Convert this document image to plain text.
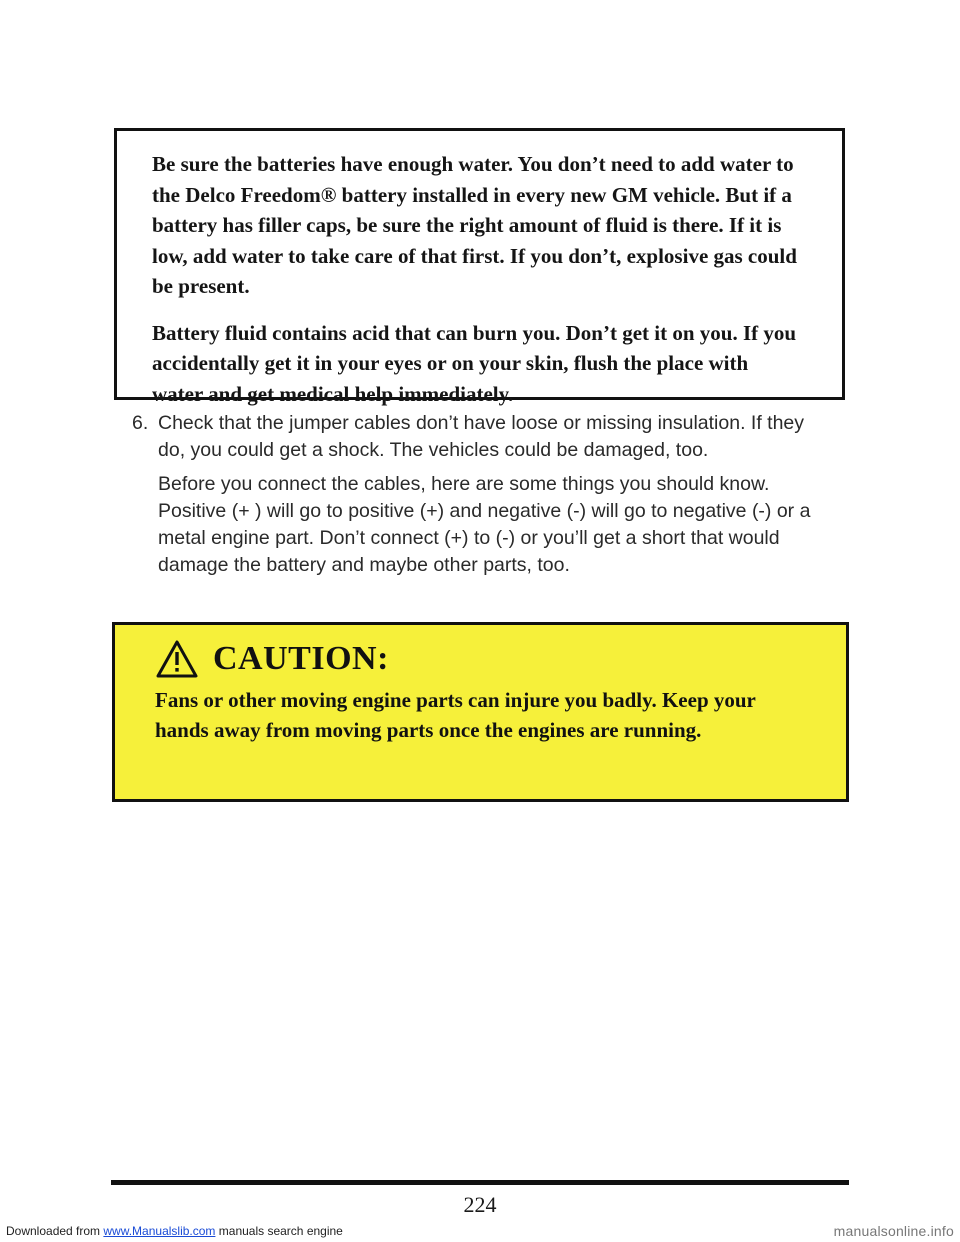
Downloaded from www.Manualslib.com manuals search engine

Be sure the batteries have enough water. You don’t need to add water to the Delco Freedom® battery installed in every new GM vehicle. But if a battery has filler caps, be sure the right amount of fluid is there. If it is low, add water to take care of that first. If you don’t, explosive gas could be present.

Battery fluid contains acid that can burn you. Don’t get it on you. If you accidentally get it in your eyes or on your skin, flush the place with water and get medical help immediately.

6. Check that the jumper cables don’t have loose or missing insulation. If they do, you could get a shock. The vehicles could be damaged, too.

Before you connect the cables, here are some things you should know. Positive (+ ) will go to positive (+) and negative (-) will go to negative (-) or a metal engine part. Don’t connect (+) to (-) or you’ll get a short that would damage the battery and maybe other parts, too.

CAUTION:

Fans or other moving engine parts can injure you badly. Keep your hands away from moving parts once the engines are running.

224
manualsonline.info
